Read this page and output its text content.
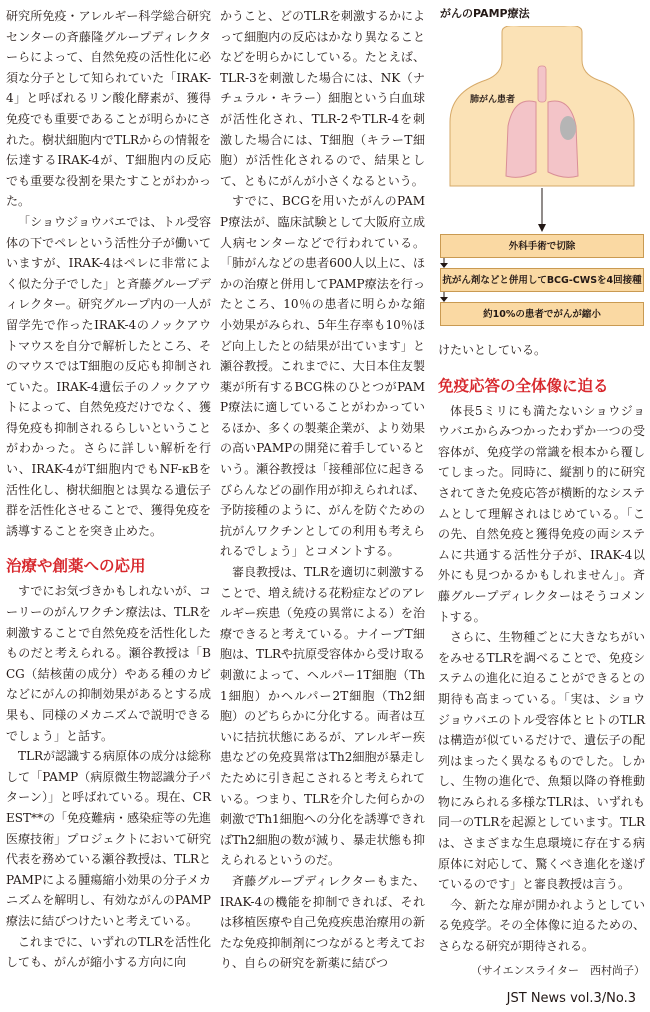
研究所免疫・アレルギー科学総合研究センターの斉藤隆グループディレクターらによって、自然免疫の活性化に必須な分子として知られていた「IRAK-4」と呼ばれるリン酸化酵素が、獲得免疫でも重要であることが明らかにされた。樹状細胞内でTLRからの情報を伝達するIRAK-4が、T細胞内の反応でも重要な役割を果たすことがわかった。

「ショウジョウバエでは、トル受容体の下でペレという活性分子が働いていますが、IRAK-4はペレに非常によく似た分子でした」と斉藤グループディレクター。研究グループ内の一人が留学先で作ったIRAK-4のノックアウトマウスを自分で解析したところ、そのマウスではT細胞の反応も抑制されていた。IRAK-4遺伝子のノックアウトによって、自然免疫だけでなく、獲得免疫も抑制されるらしいということがわかった。さらに詳しい解析を行い、IRAK-4がT細胞内でもNF-κBを活性化し、樹状細胞とは異なる遺伝子群を活性化させることで、獲得免疫を誘導することを突き止めた。

治療や創薬への応用

すでにお気づきかもしれないが、コーリーのがんワクチン療法は、TLRを刺激することで自然免疫を活性化したものだと考えられる。瀬谷教授は「BCG（結核菌の成分）やある種のカビなどにがんの抑制効果があるとする成果も、同様のメカニズムで説明できるでしょう」と話す。

TLRが認識する病原体の成分は総称して「PAMP（病原微生物認識分子パターン）」と呼ばれている。現在、CREST**の「免疫難病・感染症等の先進医療技術」プロジェクトにおいて研究代表を務めている瀬谷教授は、TLRとPAMPによる腫瘍縮小効果の分子メカニズムを解明し、有効ながんのPAMP療法に結びつけたいと考えている。

これまでに、いずれのTLRを活性化しても、がんが縮小する方向に向

かうこと、どのTLRを刺激するかによって細胞内の反応はかなり異なることなどを明らかにしている。たとえば、TLR-3を刺激した場合には、NK（ナチュラル・キラー）細胞という白血球が活性化され、TLR-2やTLR-4を刺激した場合には、T細胞（キラーT細胞）が活性化されるので、結果として、ともにがんが小さくなるという。

すでに、BCGを用いたがんのPAMP療法が、臨床試験として大阪府立成人病センターなどで行われている。「肺がんなどの患者600人以上に、ほかの治療と併用してPAMP療法を行ったところ、10％の患者に明らかな縮小効果がみられ、5年生存率も10％ほど向上したとの結果が出ています」と瀬谷教授。これまでに、大日本住友製薬が所有するBCG株のひとつがPAMP療法に適していることがわかっているほか、多くの製薬企業が、より効果の高いPAMPの開発に着手しているという。瀬谷教授は「接種部位に起きるびらんなどの副作用が抑えられれば、予防接種のように、がんを防ぐための抗がんワクチンとしての利用も考えられるでしょう」とコメントする。

審良教授は、TLRを適切に刺激することで、増え続ける花粉症などのアレルギー疾患（免疫の異常による）を治療できると考えている。ナイーブT細胞は、TLRや抗原受容体から受け取る刺激によって、ヘルパー1T細胞（Th1細胞）かヘルパー2T細胞（Th2細胞）のどちらかに分化する。両者は互いに拮抗状態にあるが、アレルギー疾患などの免疫異常はTh2細胞が暴走したために引き起こされると考えられている。つまり、TLRを介した何らかの刺激でTh1細胞への分化を誘導できればTh2細胞の数が減り、暴走状態も抑えられるというのだ。

斉藤グループディレクターもまた、IRAK-4の機能を抑制できれば、それは移植医療や自己免疫疾患治療用の新たな免疫抑制剤につながると考えており、自らの研究を新薬に結びつ

がんのPAMP療法
肺がん患者
外科手術で切除
抗がん剤などと併用してBCG-CWSを4回接種
約10%の患者でがんが縮小

けたいとしている。

免疫応答の全体像に迫る

体長5ミリにも満たないショウジョウバエからみつかったわずか一つの受容体が、免疫学の常識を根本から覆してしまった。同時に、縦割り的に研究されてきた免疫応答が横断的なシステムとして理解されはじめている。「この先、自然免疫と獲得免疫の両システムに共通する活性分子が、IRAK-4以外にも見つかるかもしれません」。斉藤グループディレクターはそうコメントする。

さらに、生物種ごとに大きなちがいをみせるTLRを調べることで、免疫システムの進化に迫ることができるとの期待も高まっている。「実は、ショウジョウバエのトル受容体とヒトのTLRは構造が似ているだけで、遺伝子の配列はまったく異なるものでした。しかし、生物の進化で、魚類以降の脊椎動物にみられる多様なTLRは、いずれも同一のTLRを起源としています。TLRは、さまざまな生息環境に存在する病原体に対応して、驚くべき進化を遂げているのです」と審良教授は言う。

今、新たな扉が開かれようとしている免疫学。その全体像に迫るための、さらなる研究が期待される。

（サイエンスライター　西村尚子）
JST News vol.3/No.3
